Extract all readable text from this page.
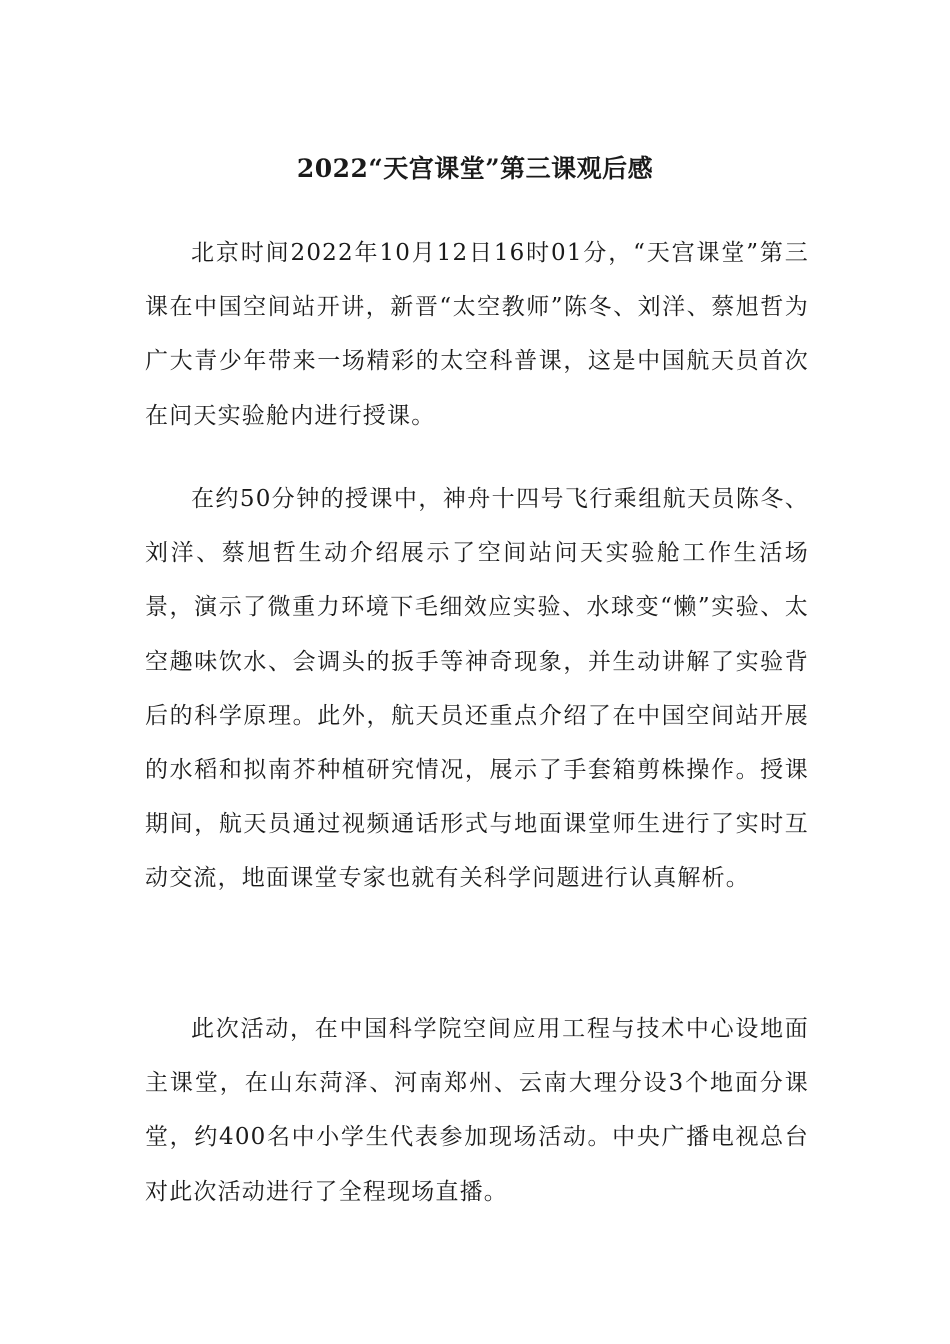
2022“天宫课堂”第三课观后感

北京时间2022年10月12日16时01分，“天宫课堂”第三课在中国空间站开讲，新晋“太空教师”陈冬、刘洋、蔡旭哲为广大青少年带来一场精彩的太空科普课，这是中国航天员首次在问天实验舱内进行授课。

在约50分钟的授课中，神舟十四号飞行乘组航天员陈冬、刘洋、蔡旭哲生动介绍展示了空间站问天实验舱工作生活场景，演示了微重力环境下毛细效应实验、水球变“懒”实验、太空趣味饮水、会调头的扳手等神奇现象，并生动讲解了实验背后的科学原理。此外，航天员还重点介绍了在中国空间站开展的水稻和拟南芥种植研究情况，展示了手套箱剪株操作。授课期间，航天员通过视频通话形式与地面课堂师生进行了实时互动交流，地面课堂专家也就有关科学问题进行认真解析。

此次活动，在中国科学院空间应用工程与技术中心设地面主课堂，在山东菏泽、河南郑州、云南大理分设3个地面分课堂，约400名中小学生代表参加现场活动。中央广播电视总台对此次活动进行了全程现场直播。
